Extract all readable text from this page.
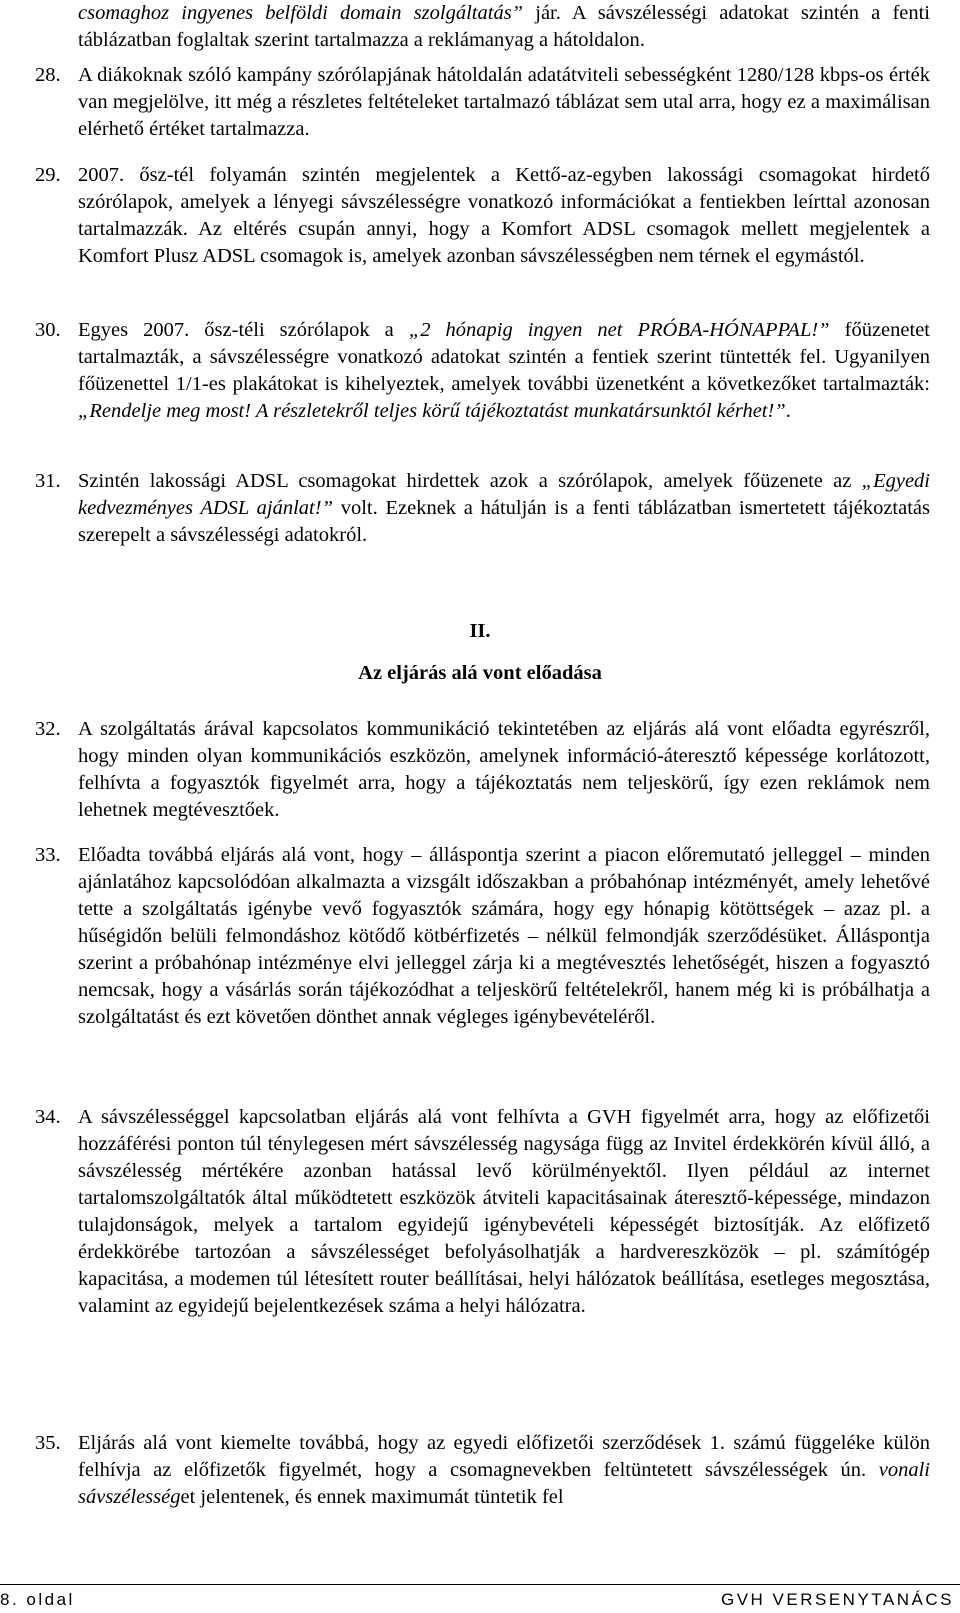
csomaghoz ingyenes belföldi domain szolgáltatás” jár. A sávszélességi adatokat szintén a fenti táblázatban foglaltak szerint tartalmazza a reklámanyag a hátoldalon.
28. A diákoknak szóló kampány szórólapjának hátoldalán adatátviteli sebességként 1280/128 kbps-os érték van megjelölve, itt még a részletes feltételeket tartalmazó táblázat sem utal arra, hogy ez a maximálisan elérhető értéket tartalmazza.
29. 2007. ősz-tél folyamán szintén megjelentek a Kettő-az-egyben lakossági csomagokat hirdető szórólapok, amelyek a lényegi sávszélességre vonatkozó információkat a fentiekben leírttal azonosan tartalmazzák. Az eltérés csupán annyi, hogy a Komfort ADSL csomagok mellett megjelentek a Komfort Plusz ADSL csomagok is, amelyek azonban sávszélességben nem térnek el egymástól.
30. Egyes 2007. ősz-téli szórólapok a „2 hónapig ingyen net PRÓBA-HÓNAPPAL!” főüzenetet tartalmazták, a sávszélességre vonatkozó adatokat szintén a fentiek szerint tüntették fel. Ugyanilyen főüzenettel 1/1-es plakátokat is kihelyeztek, amelyek további üzenetként a következőket tartalmazták: „Rendelje meg most! A részletekről teljes körű tájékoztatást munkatársunktól kérhet!”.
31. Szintén lakossági ADSL csomagokat hirdettek azok a szórólapok, amelyek főüzenete az „Egyedi kedvezményes ADSL ajánlat!” volt. Ezeknek a hátulján is a fenti táblázatban ismertetett tájékoztatás szerepelt a sávszélességi adatokról.
II.
Az eljárás alá vont előadása
32. A szolgáltatás árával kapcsolatos kommunikáció tekintetében az eljárás alá vont előadta egyrészről, hogy minden olyan kommunikációs eszközön, amelynek információ-áteresztő képessége korlátozott, felhívta a fogyasztók figyelmét arra, hogy a tájékoztatás nem teljeskörű, így ezen reklámok nem lehetnek megtévesztőek.
33. Előadta továbbá eljárás alá vont, hogy – álláspontja szerint a piacon előremutató jelleggel – minden ajánlatához kapcsolódóan alkalmazta a vizsgált időszakban a próbahónap intézményét, amely lehetővé tette a szolgáltatás igénybe vevő fogyasztók számára, hogy egy hónapig kötöttségek – azaz pl. a hűségidőn belüli felmondáshoz kötődő kötbérfizetés – nélkül felmondják szerződésüket. Álláspontja szerint a próbahónap intézménye elvi jelleggel zárja ki a megtévesztés lehetőségét, hiszen a fogyasztó nemcsak, hogy a vásárlás során tájékozódhat a teljeskörű feltételekről, hanem még ki is próbálhatja a szolgáltatást és ezt követően dönthet annak végleges igénybevételéről.
34. A sávszélességgel kapcsolatban eljárás alá vont felhívta a GVH figyelmét arra, hogy az előfizetői hozzáférési ponton túl ténylegesen mért sávszélesség nagysága függ az Invitel érdekkörén kívül álló, a sávszélesség mértékére azonban hatással levő körülményektől. Ilyen például az internet tartalomszolgáltatók által működtetett eszközök átviteli kapacitásainak áteresztő-képessége, mindazon tulajdonságok, melyek a tartalom egyidejű igénybevételi képességét biztosítják. Az előfizető érdekkörébe tartozóan a sávszélességet befolyásolhatják a hardvereszközök – pl. számítógép kapacitása, a modemen túl létesített router beállításai, helyi hálózatok beállítása, esetleges megosztása, valamint az egyidejű bejelentkezések száma a helyi hálózatra.
35. Eljárás alá vont kiemelte továbbá, hogy az egyedi előfizetői szerződések 1. számú függeléke külön felhívja az előfizetők figyelmét, hogy a csomagnevekben feltüntetett sávszélességek ún. vonali sávszélességet jelentenek, és ennek maximumát tüntetik fel
8. oldal	GVH VERSENYTANÁCS
